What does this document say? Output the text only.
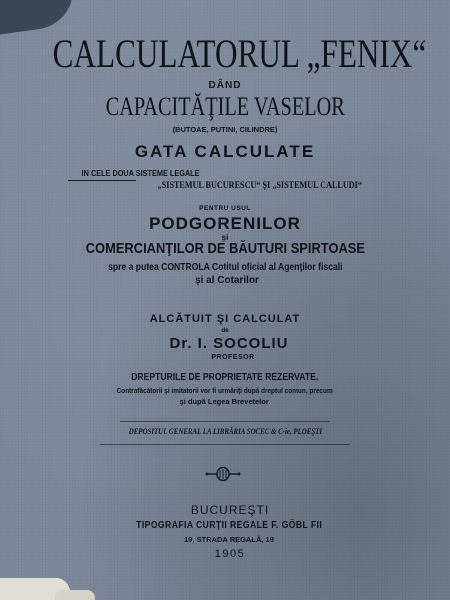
CALCULATORUL „FENIX“
DÂND
CAPACITĂŢILE VASELOR
(BUTOAE, PUTINI, CILINDRE)
GATA CALCULATE
IN CELE DOUA SISTEME LEGALE
„SISTEMUL BUCURESCU“ ŞI „SISTEMUL CALLUDI“
PENTRU USUL
PODGORENILOR
şi
COMERCIANŢILOR DE BĂUTURI SPIRTOASE
spre a putea CONTROLA Cotitul oficial al Agenţilor fiscali
şi al Cotarilor
ALCĂTUIT ŞI CALCULAT
de
Dr. I. SOCOLIU
PROFESOR
DREPTURILE DE PROPRIETATE REZERVATE.
Contrafăcătorii şi imitatorii vor fi urmăriţi după dreptul comun, precum
şi după Legea Brevetelor.
DEPOSITUL GENERAL LA LIBRĂRIA SOCEC & C-ie, PLOEŞTI
BUCUREŞTI
TIPOGRAFIA CURŢII REGALE F. GÖBL FII
19, STRADA REGALĂ, 19
1905
